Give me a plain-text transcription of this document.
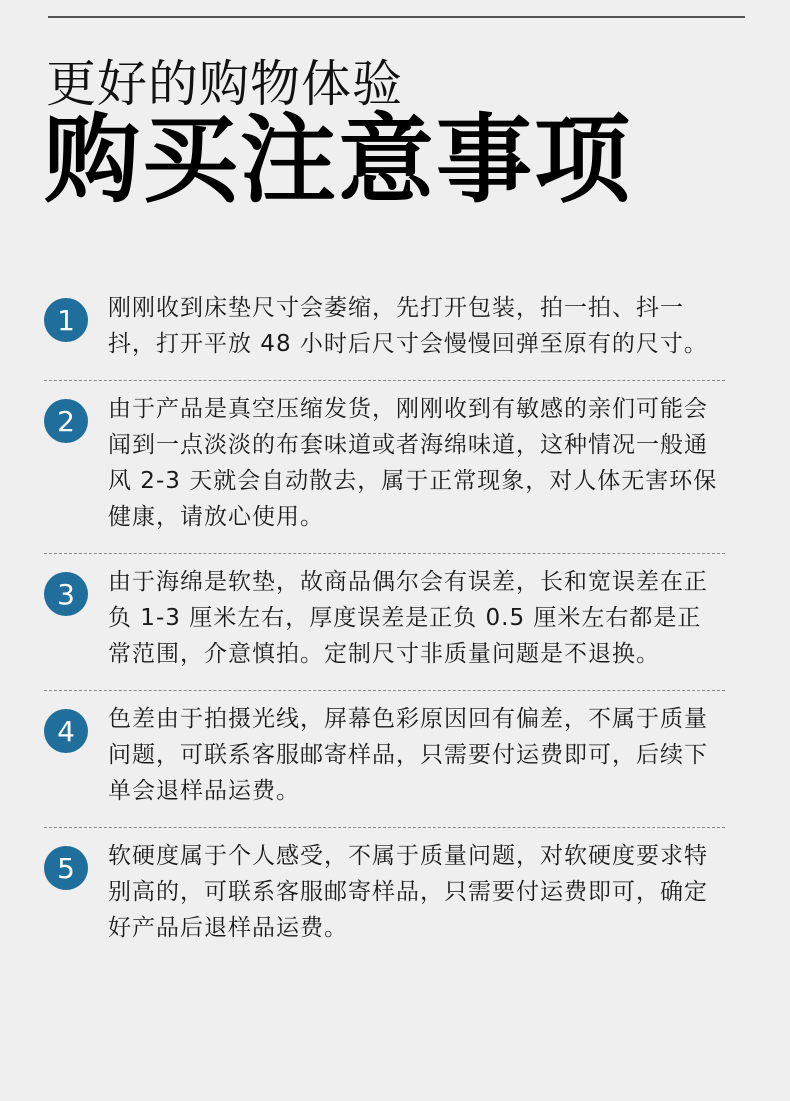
更好的购物体验
购买注意事项
1	刚刚收到床垫尺寸会萎缩，先打开包装，拍一拍、抖一抖，打开平放 48 小时后尺寸会慢慢回弹至原有的尺寸。
2	由于产品是真空压缩发货，刚刚收到有敏感的亲们可能会闻到一点淡淡的布套味道或者海绵味道，这种情况一般通风 2-3 天就会自动散去，属于正常现象，对人体无害环保健康，请放心使用。
3	由于海绵是软垫，故商品偶尔会有误差，长和宽误差在正负 1-3 厘米左右，厚度误差是正负 0.5 厘米左右都是正常范围，介意慎拍。定制尺寸非质量问题是不退换。
4	色差由于拍摄光线，屏幕色彩原因回有偏差，不属于质量问题，可联系客服邮寄样品，只需要付运费即可，后续下单会退样品运费。
5	软硬度属于个人感受，不属于质量问题，对软硬度要求特别高的，可联系客服邮寄样品，只需要付运费即可，确定好产品后退样品运费。
